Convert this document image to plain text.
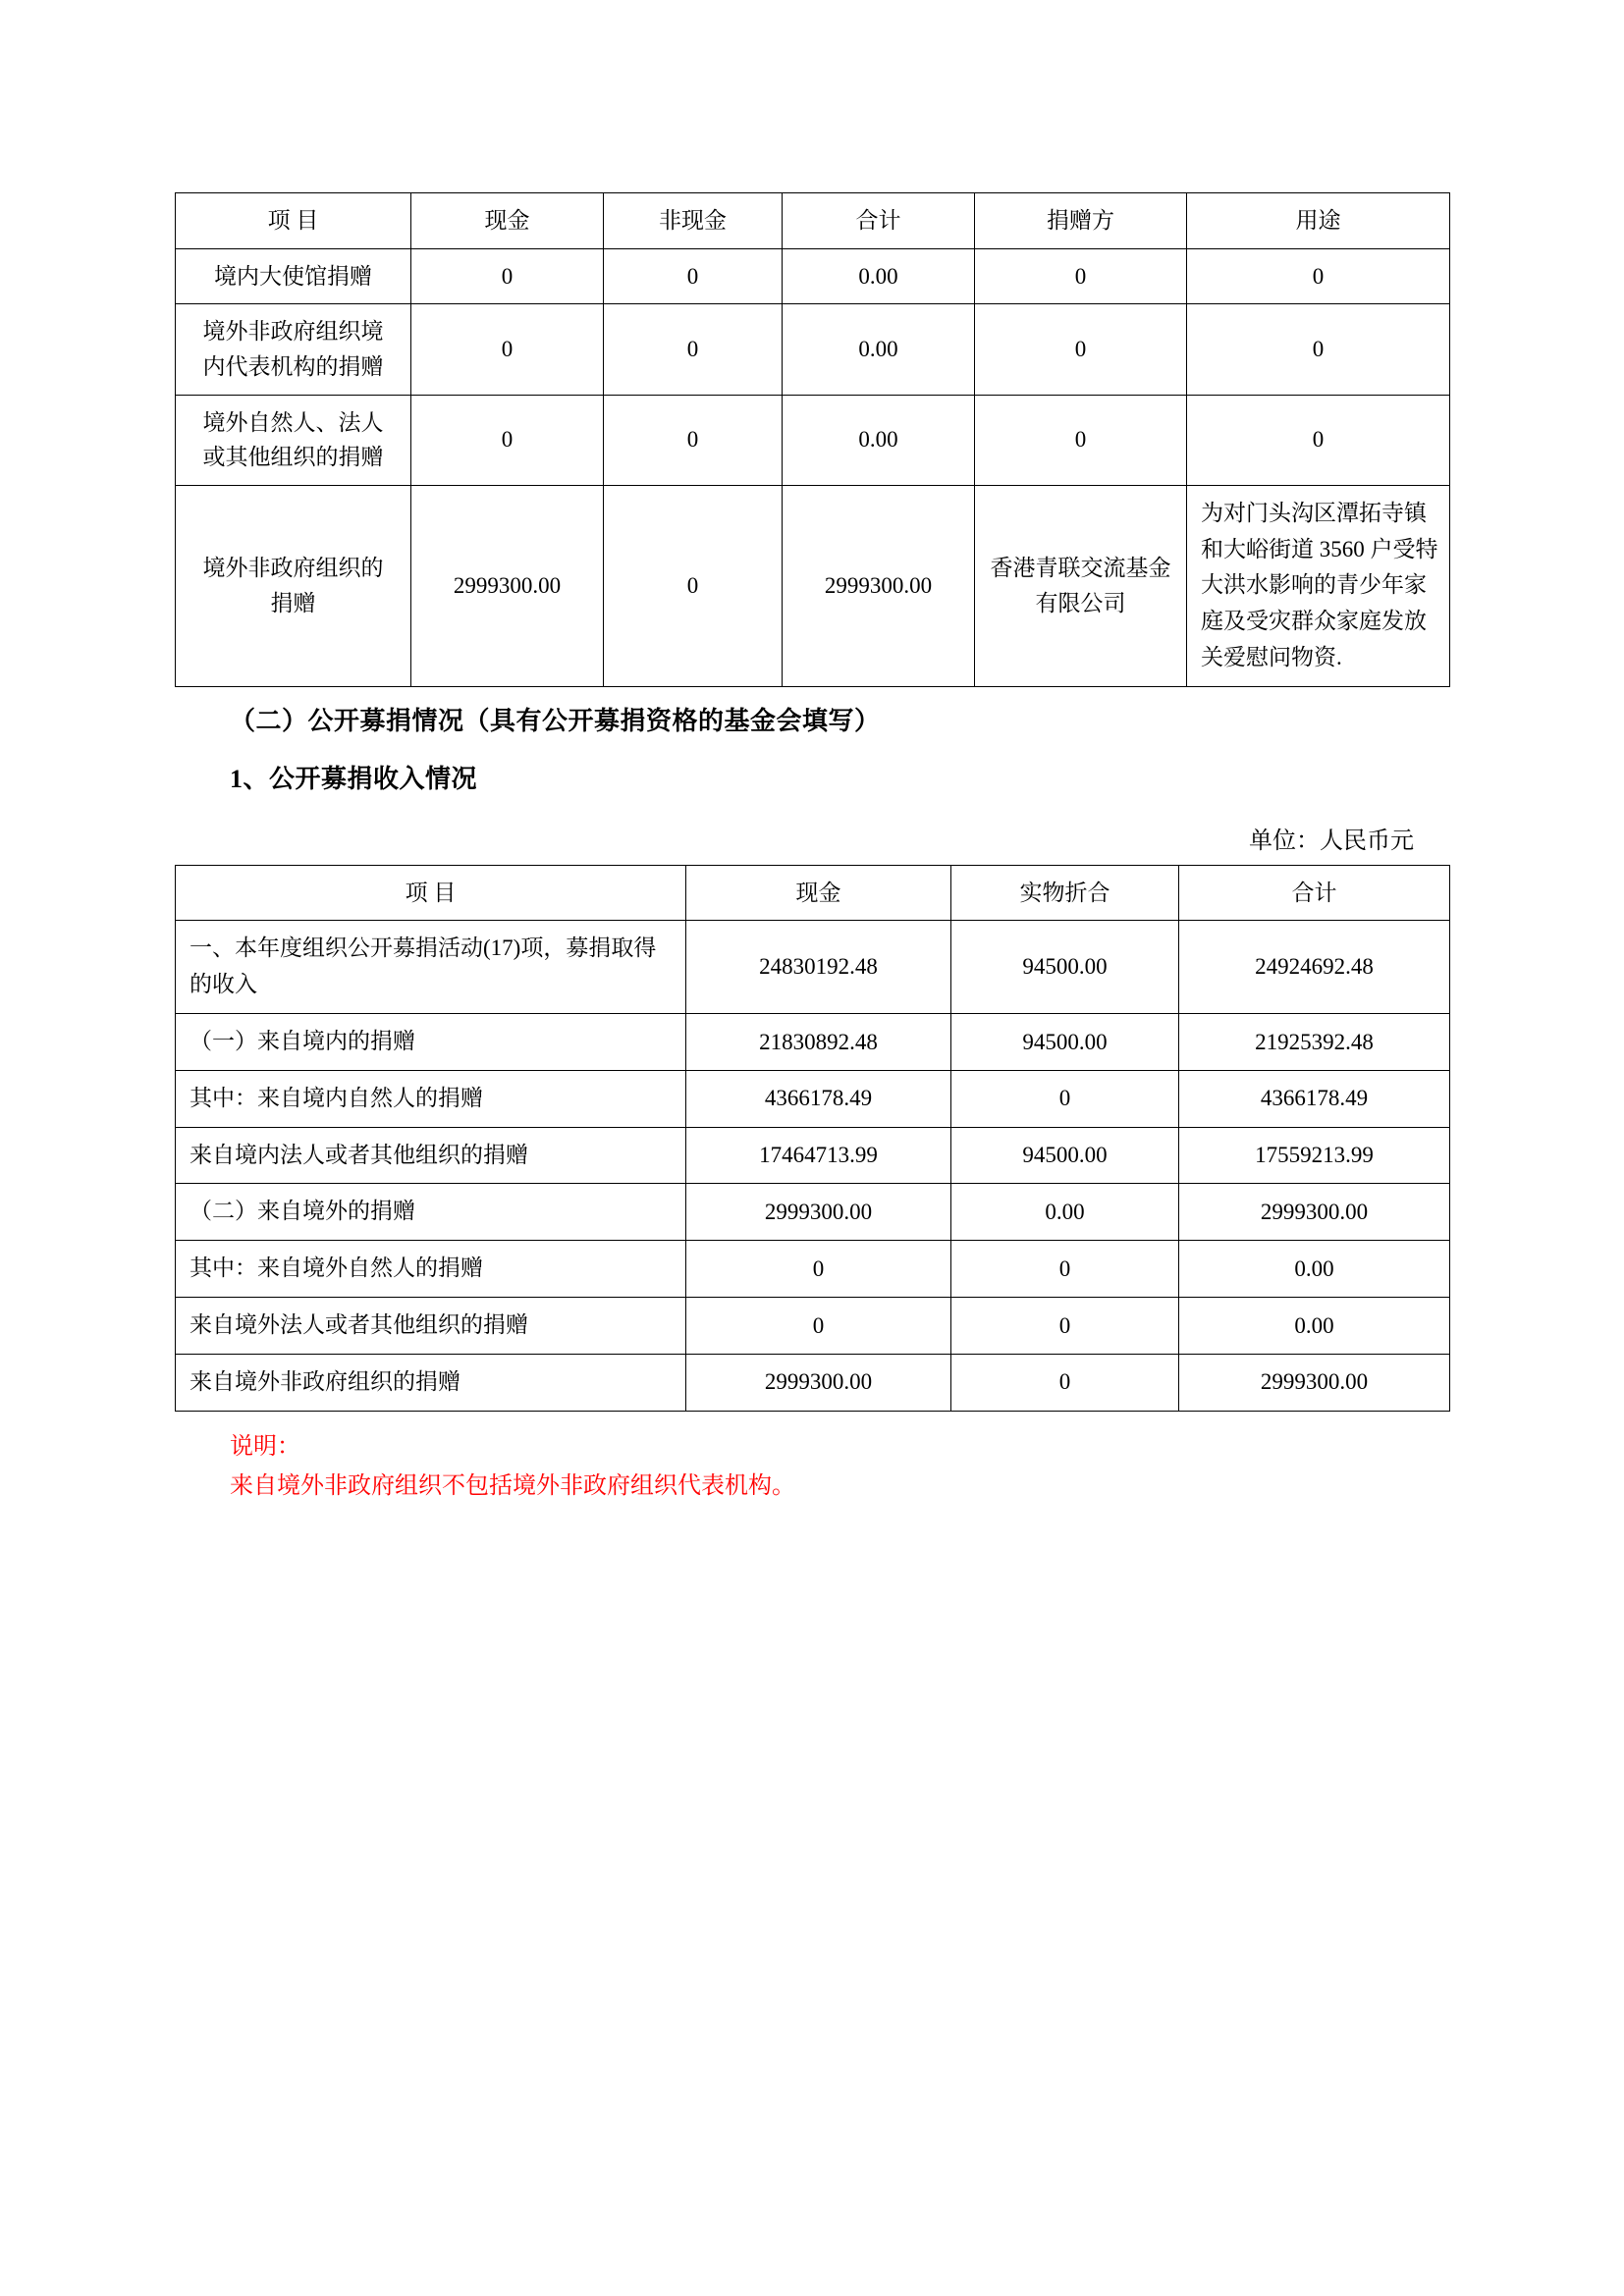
项 目	现金	非现金	合计	捐赠方	用途
境内大使馆捐赠	0	0	0.00	0	0
境外非政府组织境内代表机构的捐赠	0	0	0.00	0	0
境外自然人、法人或其他组织的捐赠	0	0	0.00	0	0
境外非政府组织的捐赠	2999300.00	0	2999300.00	香港青联交流基金有限公司	为对门头沟区潭拓寺镇和大峪街道 3560 户受特大洪水影响的青少年家庭及受灾群众家庭发放关爱慰问物资.
（二）公开募捐情况（具有公开募捐资格的基金会填写）
1、公开募捐收入情况
单位：人民币元
项 目	现金	实物折合	合计
一、本年度组织公开募捐活动(17)项，募捐取得的收入	24830192.48	94500.00	24924692.48
（一）来自境内的捐赠	21830892.48	94500.00	21925392.48
其中：来自境内自然人的捐赠	4366178.49	0	4366178.49
来自境内法人或者其他组织的捐赠	17464713.99	94500.00	17559213.99
（二）来自境外的捐赠	2999300.00	0.00	2999300.00
其中：来自境外自然人的捐赠	0	0	0.00
来自境外法人或者其他组织的捐赠	0	0	0.00
来自境外非政府组织的捐赠	2999300.00	0	2999300.00
说明：
来自境外非政府组织不包括境外非政府组织代表机构。
